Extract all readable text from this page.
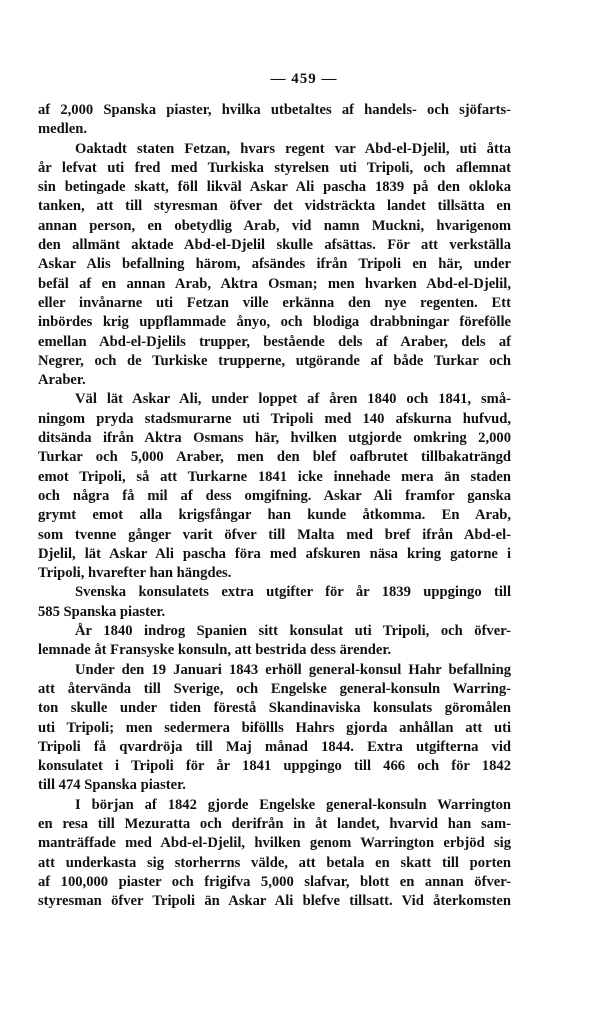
— 459 —
af 2,000 Spanska piaster, hvilka utbetaltes af handels- och sjöfarts-
medlen.
Oaktadt staten Fetzan, hvars regent var Abd-el-Djelil, uti åtta
år lefvat uti fred med Turkiska styrelsen uti Tripoli, och aflemnat
sin betingade skatt, föll likväl Askar Ali pascha 1839 på den okloka
tanken, att till styresman öfver det vidsträckta landet tillsätta en
annan person, en obetydlig Arab, vid namn Muckni, hvarigenom
den allmänt aktade Abd-el-Djelil skulle afsättas. För att verkställa
Askar Alis befallning härom, afsändes ifrån Tripoli en här, under
befäl af en annan Arab, Aktra Osman; men hvarken Abd-el-Djelil,
eller invånarne uti Fetzan ville erkänna den nye regenten. Ett
inbördes krig uppflammade ånyo, och blodiga drabbningar förefölle
emellan Abd-el-Djelils trupper, bestående dels af Araber, dels af
Negrer, och de Turkiske trupperne, utgörande af både Turkar och
Araber.
Väl lät Askar Ali, under loppet af åren 1840 och 1841, små-
ningom pryda stadsmurarne uti Tripoli med 140 afskurna hufvud,
ditsända ifrån Aktra Osmans här, hvilken utgjorde omkring 2,000
Turkar och 5,000 Araber, men den blef oafbrutet tillbakaträngd
emot Tripoli, så att Turkarne 1841 icke innehade mera än staden
och några få mil af dess omgifning. Askar Ali framfor ganska
grymt emot alla krigsfångar han kunde åtkomma. En Arab,
som tvenne gånger varit öfver till Malta med bref ifrån Abd-el-
Djelil, lät Askar Ali pascha föra med afskuren näsa kring gatorne i
Tripoli, hvarefter han hängdes.
Svenska konsulatets extra utgifter för år 1839 uppgingo till
585 Spanska piaster.
År 1840 indrog Spanien sitt konsulat uti Tripoli, och öfver-
lemnade åt Fransyske konsuln, att bestrida dess ärender.
Under den 19 Januari 1843 erhöll general-konsul Hahr befallning
att återvända till Sverige, och Engelske general-konsuln Warring-
ton skulle under tiden förestå Skandinaviska konsulats göromålen
uti Tripoli; men sedermera biföllls Hahrs gjorda anhållan att uti
Tripoli få qvardröja till Maj månad 1844. Extra utgifterna vid
konsulatet i Tripoli för år 1841 uppgingo till 466 och för 1842
till 474 Spanska piaster.
I början af 1842 gjorde Engelske general-konsuln Warrington
en resa till Mezuratta och derifrån in åt landet, hvarvid han sam-
manträffade med Abd-el-Djelil, hvilken genom Warrington erbjöd sig
att underkasta sig storherrns välde, att betala en skatt till porten
af 100,000 piaster och frigifva 5,000 slafvar, blott en annan öfver-
styresman öfver Tripoli än Askar Ali blefve tillsatt. Vid återkomsten
